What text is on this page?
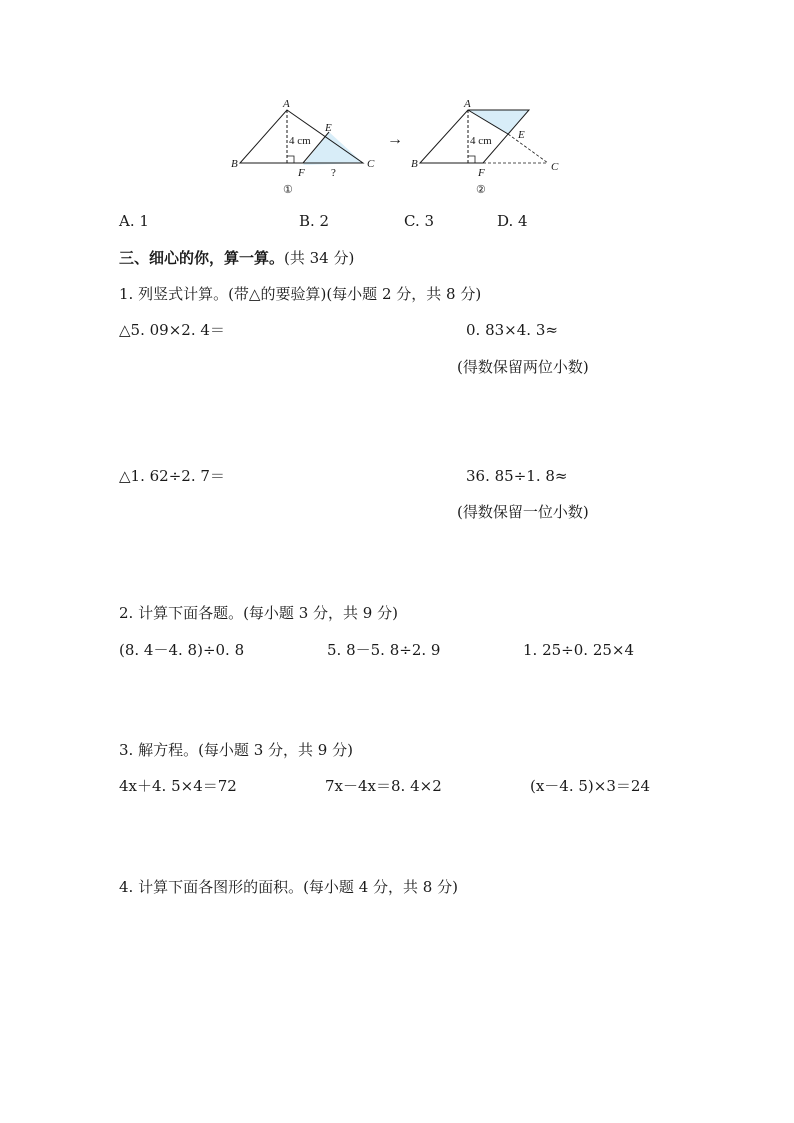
A
B	C
E
F
4 cm
?
①
→
A
B	C
E
F
4 cm
②
A. 1	B. 2	C. 3	D. 4
三、细心的你，算一算。(共 34 分)
1. 列竖式计算。(带△的要验算)(每小题 2 分，共 8 分)
△5. 09×2. 4＝	0. 83×4. 3≈
(得数保留两位小数)
△1. 62÷2. 7＝	36. 85÷1. 8≈
(得数保留一位小数)
2. 计算下面各题。(每小题 3 分，共 9 分)
(8. 4－4. 8)÷0. 8	5. 8－5. 8÷2. 9	1. 25÷0. 25×4
3. 解方程。(每小题 3 分，共 9 分)
4x＋4. 5×4＝72	7x－4x＝8. 4×2	(x－4. 5)×3＝24
4. 计算下面各图形的面积。(每小题 4 分，共 8 分)
